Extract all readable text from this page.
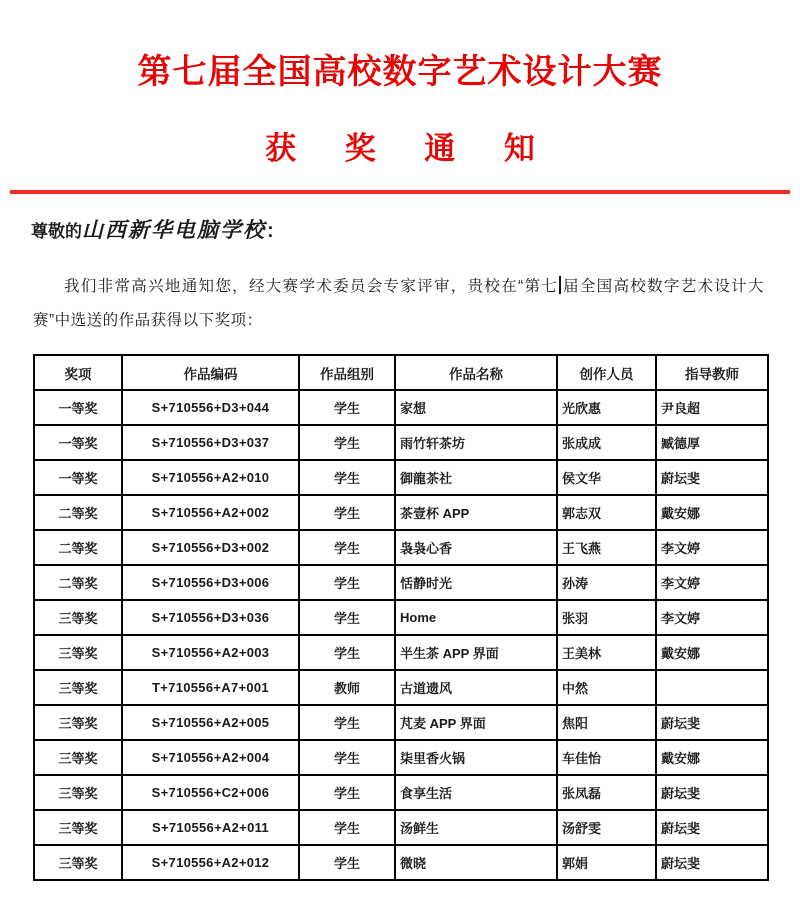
第七届全国高校数字艺术设计大赛
获 奖 通 知
尊敬的山西新华电脑学校：
我们非常高兴地通知您，经大赛学术委员会专家评审，贵校在“第七 届全国高校数字艺术设计大赛”中选送的作品获得以下奖项：
奖项	作品编码	作品组别	作品名称	创作人员	指导教师
一等奖	S+710556+D3+044	学生	家想	光欣惠	尹良超
一等奖	S+710556+D3+037	学生	雨竹轩茶坊	张成成	臧德厚
一等奖	S+710556+A2+010	学生	御龍茶社	侯文华	蔚坛斐
二等奖	S+710556+A2+002	学生	茶壹杯 APP	郭志双	戴安娜
二等奖	S+710556+D3+002	学生	袅袅心香	王飞燕	李文婷
二等奖	S+710556+D3+006	学生	恬静时光	孙涛	李文婷
三等奖	S+710556+D3+036	学生	Home	张羽	李文婷
三等奖	S+710556+A2+003	学生	半生茶 APP 界面	王美林	戴安娜
三等奖	T+710556+A7+001	教师	古道遗风	中然	
三等奖	S+710556+A2+005	学生	芃麦 APP 界面	焦阳	蔚坛斐
三等奖	S+710556+A2+004	学生	柒里香火锅	车佳怡	戴安娜
三等奖	S+710556+C2+006	学生	食享生活	张凤磊	蔚坛斐
三等奖	S+710556+A2+011	学生	汤鲜生	汤舒雯	蔚坛斐
三等奖	S+710556+A2+012	学生	微晓	郭娟	蔚坛斐
